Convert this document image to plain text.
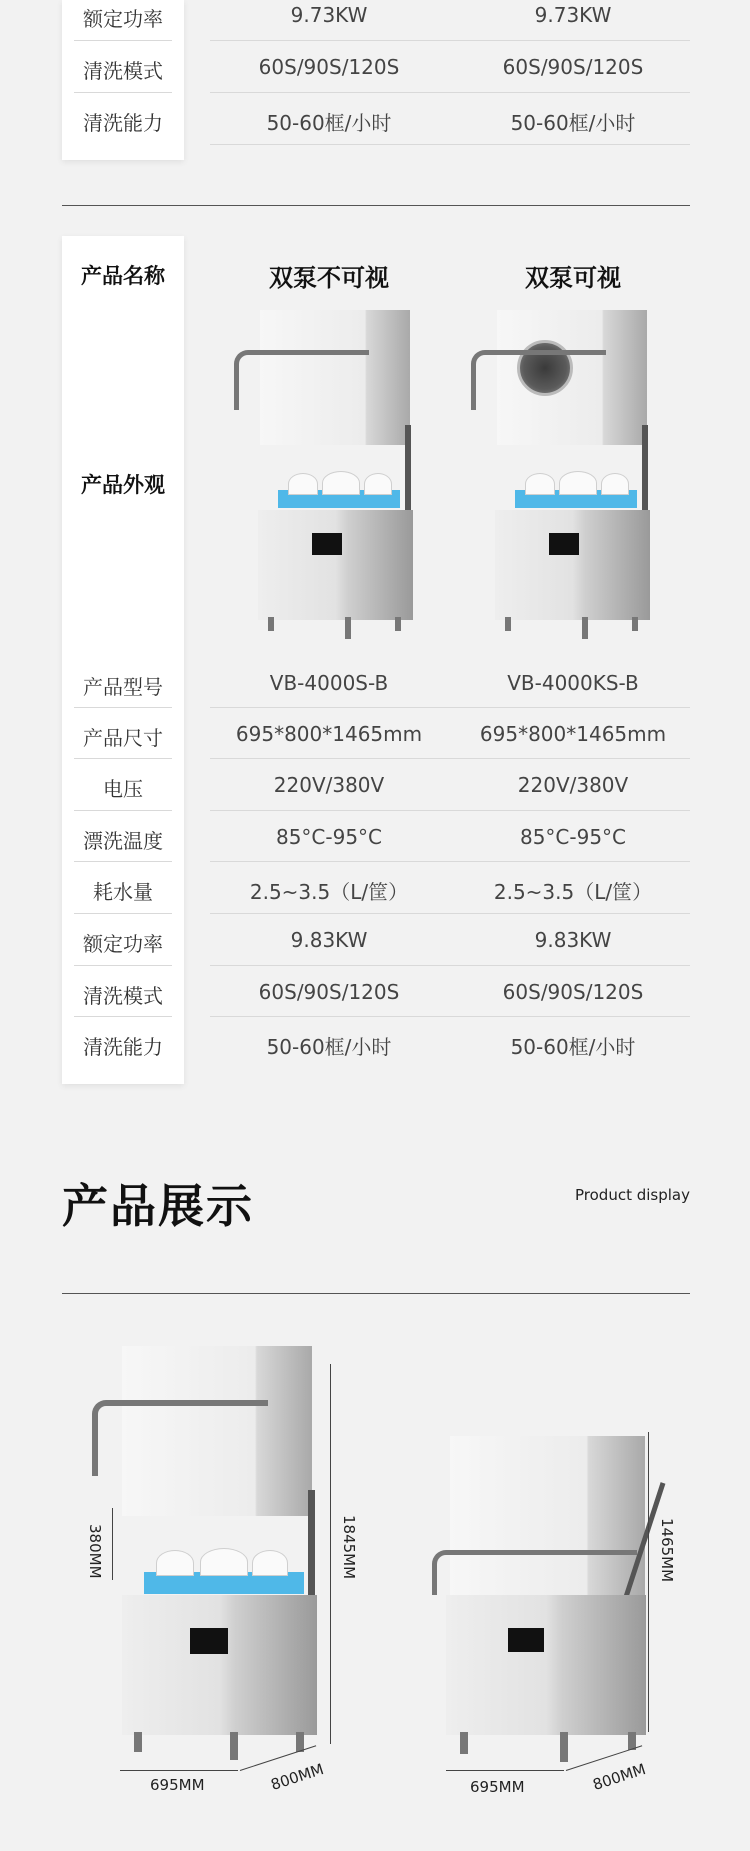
额定功率	9.73KW	9.73KW
清洗模式	60S/90S/120S	60S/90S/120S
清洗能力	50-60框/小时	50-60框/小时
产品名称	双泵不可视	双泵可视
产品外观
产品型号	VB-4000S-B	VB-4000KS-B
产品尺寸	695*800*1465mm	695*800*1465mm
电压	220V/380V	220V/380V
漂洗温度	85°C-95°C	85°C-95°C
耗水量	2.5~3.5（L/筐）	2.5~3.5（L/筐）
额定功率	9.83KW	9.83KW
清洗模式	60S/90S/120S	60S/90S/120S
清洗能力	50-60框/小时	50-60框/小时
产品展示	Product display
1845MM
380MM
695MM	800MM
1465MM
695MM	800MM
